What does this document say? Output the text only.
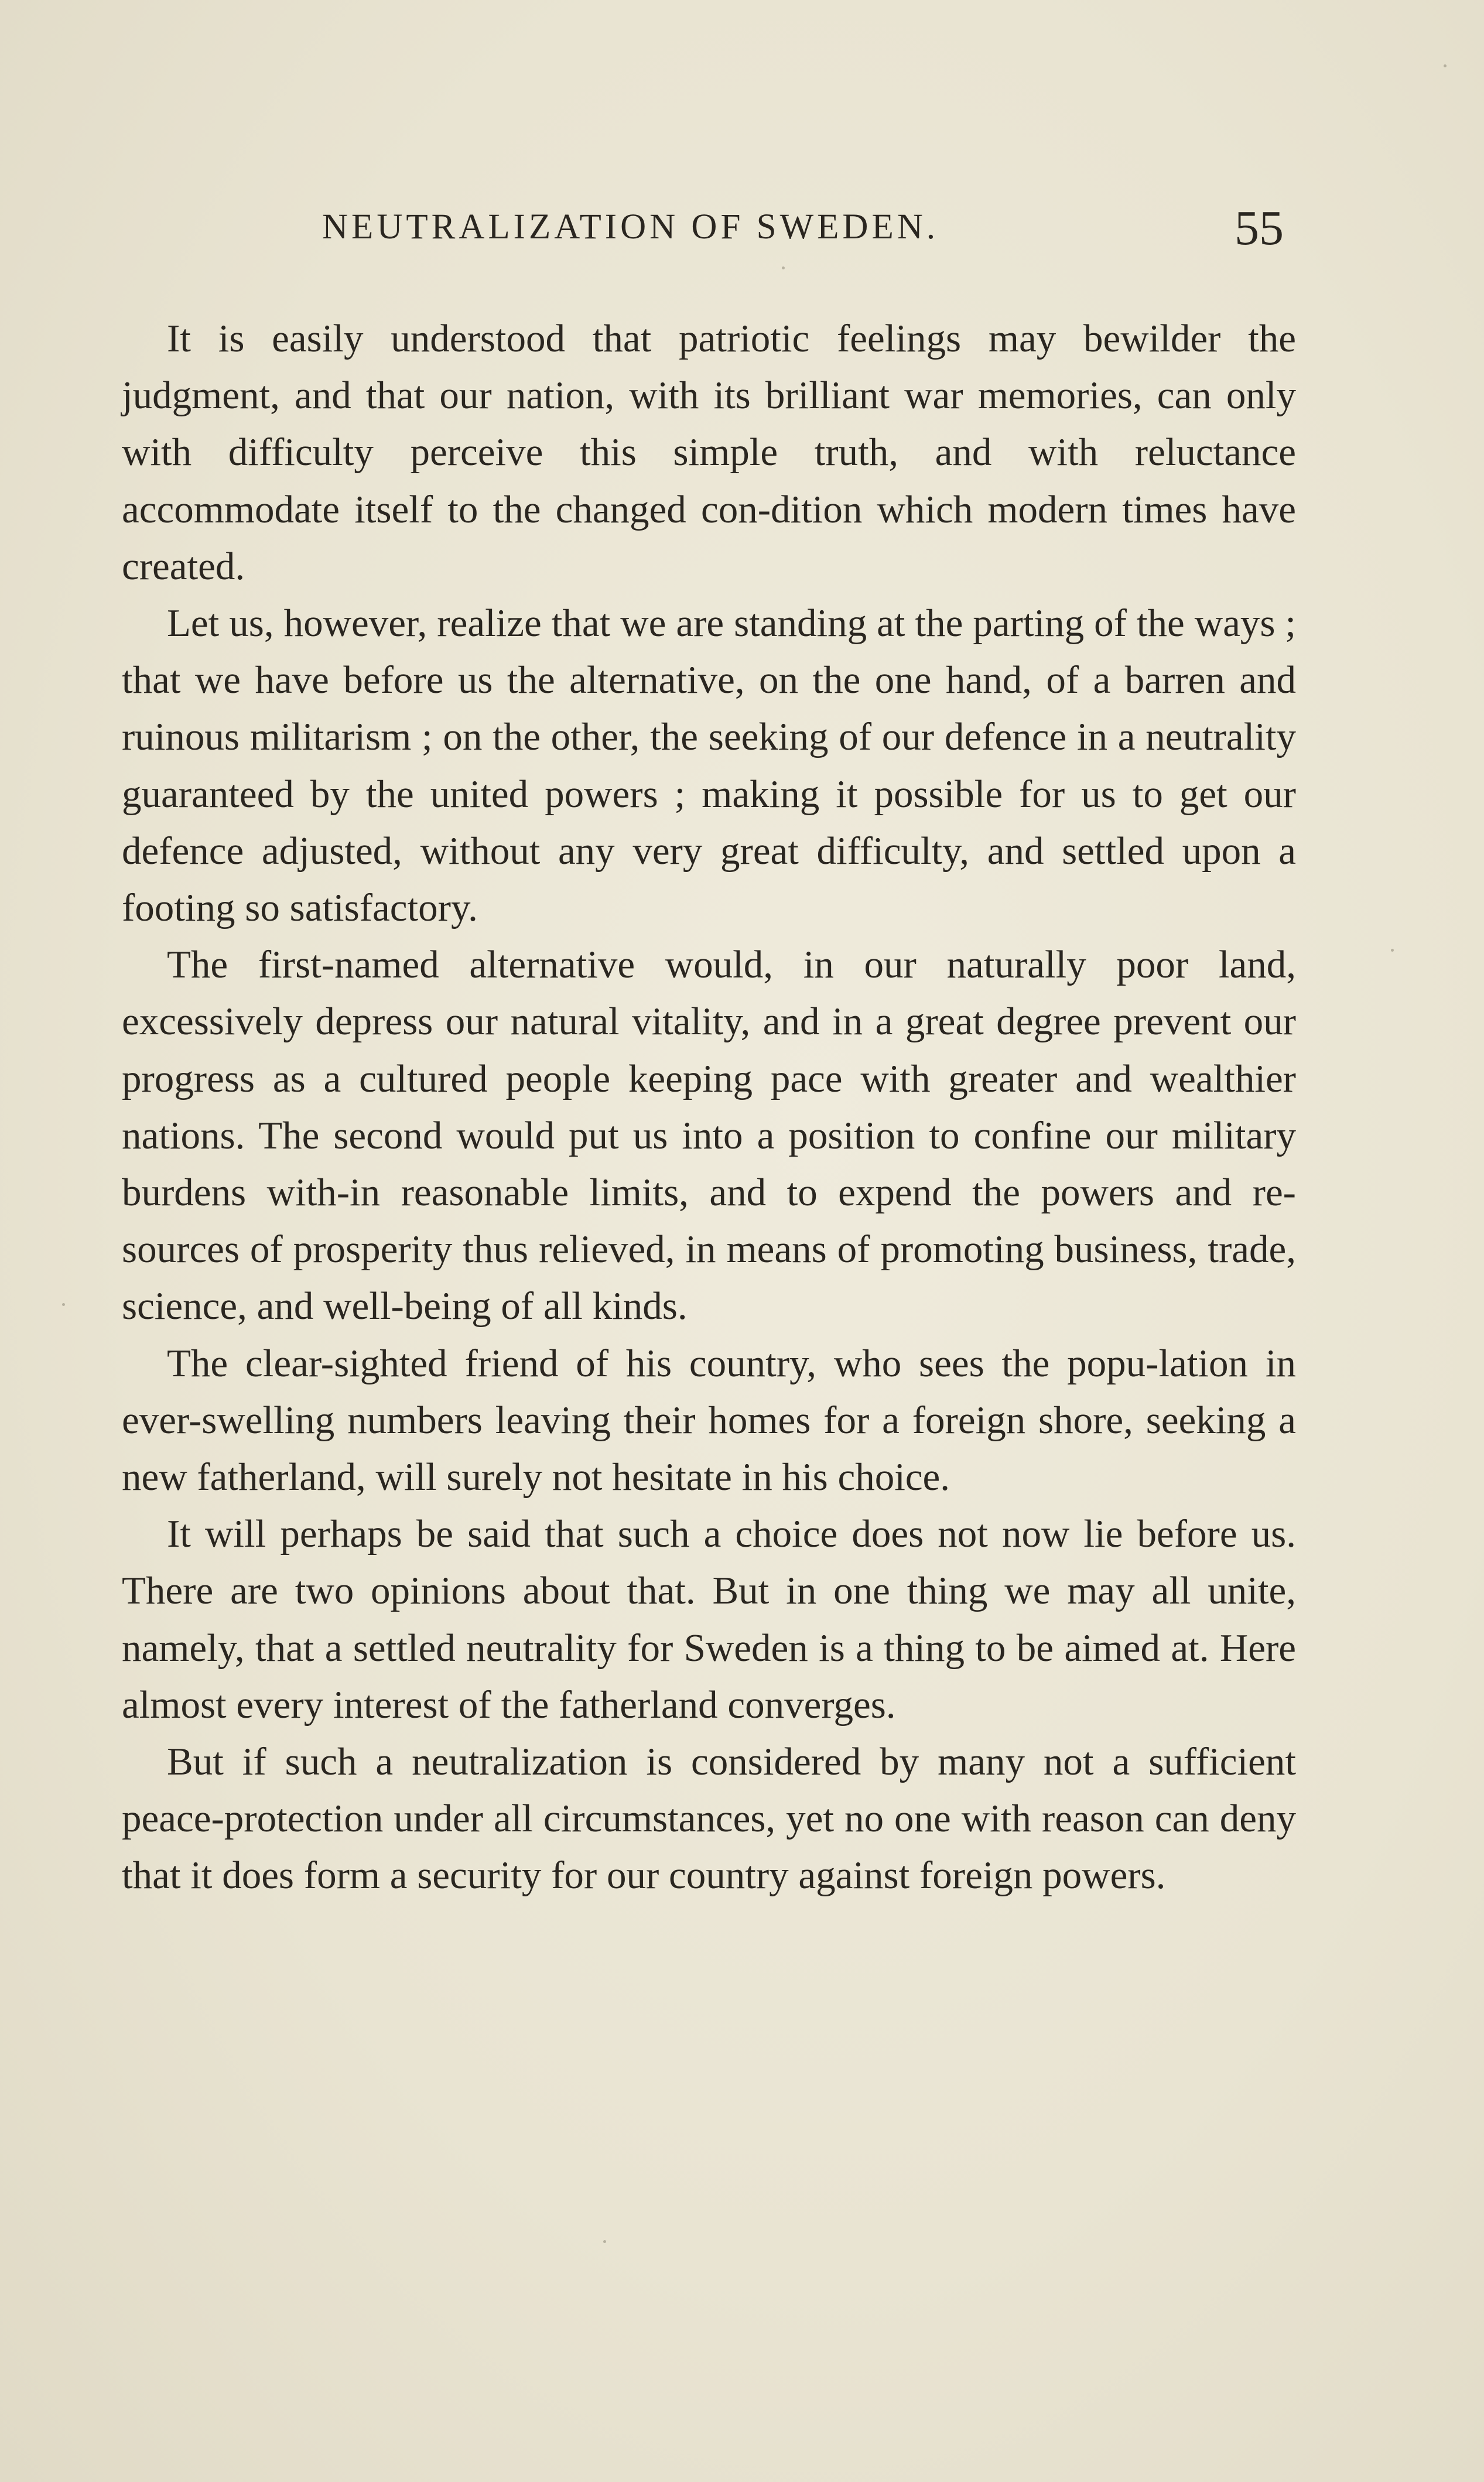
NEUTRALIZATION OF SWEDEN.	55

It is easily understood that patriotic feelings may bewilder the judgment, and that our nation, with its brilliant war memories, can only with difficulty perceive this simple truth, and with reluctance accommodate itself to the changed con-dition which modern times have created.

Let us, however, realize that we are standing at the parting of the ways ; that we have before us the alternative, on the one hand, of a barren and ruinous militarism ; on the other, the seeking of our defence in a neutrality guaranteed by the united powers ; making it possible for us to get our defence adjusted, without any very great difficulty, and settled upon a footing so satisfactory.

The first-named alternative would, in our naturally poor land, excessively depress our natural vitality, and in a great degree prevent our progress as a cultured people keeping pace with greater and wealthier nations. The second would put us into a position to confine our military burdens with-in reasonable limits, and to expend the powers and re-sources of prosperity thus relieved, in means of promoting business, trade, science, and well-being of all kinds.

The clear-sighted friend of his country, who sees the popu-lation in ever-swelling numbers leaving their homes for a foreign shore, seeking a new fatherland, will surely not hesitate in his choice.

It will perhaps be said that such a choice does not now lie before us. There are two opinions about that. But in one thing we may all unite, namely, that a settled neutrality for Sweden is a thing to be aimed at. Here almost every interest of the fatherland converges.

But if such a neutralization is considered by many not a sufficient peace-protection under all circumstances, yet no one with reason can deny that it does form a security for our country against foreign powers.
